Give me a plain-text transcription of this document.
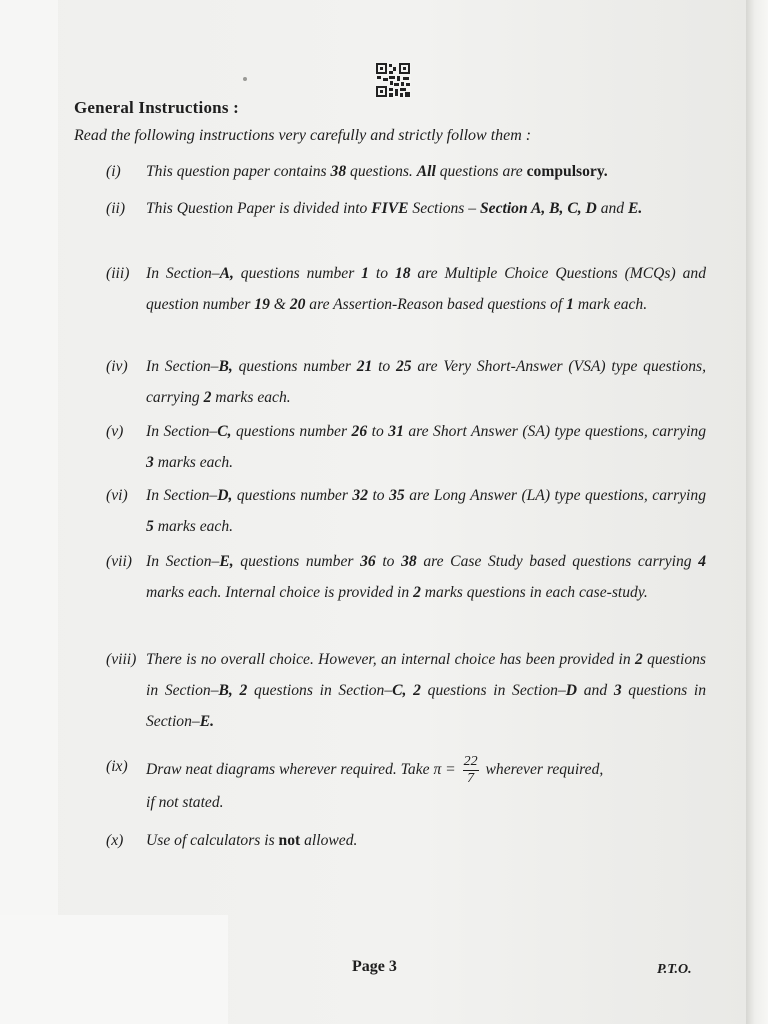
General Instructions :
Read the following instructions very carefully and strictly follow them :
(i) This question paper contains 38 questions. All questions are compulsory.
(ii) This Question Paper is divided into FIVE Sections – Section A, B, C, D and E.
(iii) In Section–A, questions number 1 to 18 are Multiple Choice Questions (MCQs) and question number 19 & 20 are Assertion-Reason based questions of 1 mark each.
(iv) In Section–B, questions number 21 to 25 are Very Short-Answer (VSA) type questions, carrying 2 marks each.
(v) In Section–C, questions number 26 to 31 are Short Answer (SA) type questions, carrying 3 marks each.
(vi) In Section–D, questions number 32 to 35 are Long Answer (LA) type questions, carrying 5 marks each.
(vii) In Section–E, questions number 36 to 38 are Case Study based questions carrying 4 marks each. Internal choice is provided in 2 marks questions in each case-study.
(viii) There is no overall choice. However, an internal choice has been provided in 2 questions in Section–B, 2 questions in Section–C, 2 questions in Section–D and 3 questions in Section–E.
(ix) Draw neat diagrams wherever required. Take $\pi = \frac{22}{7}$ wherever required,
if not stated.
(x) Use of calculators is not allowed.
Page 3	P.T.O.
